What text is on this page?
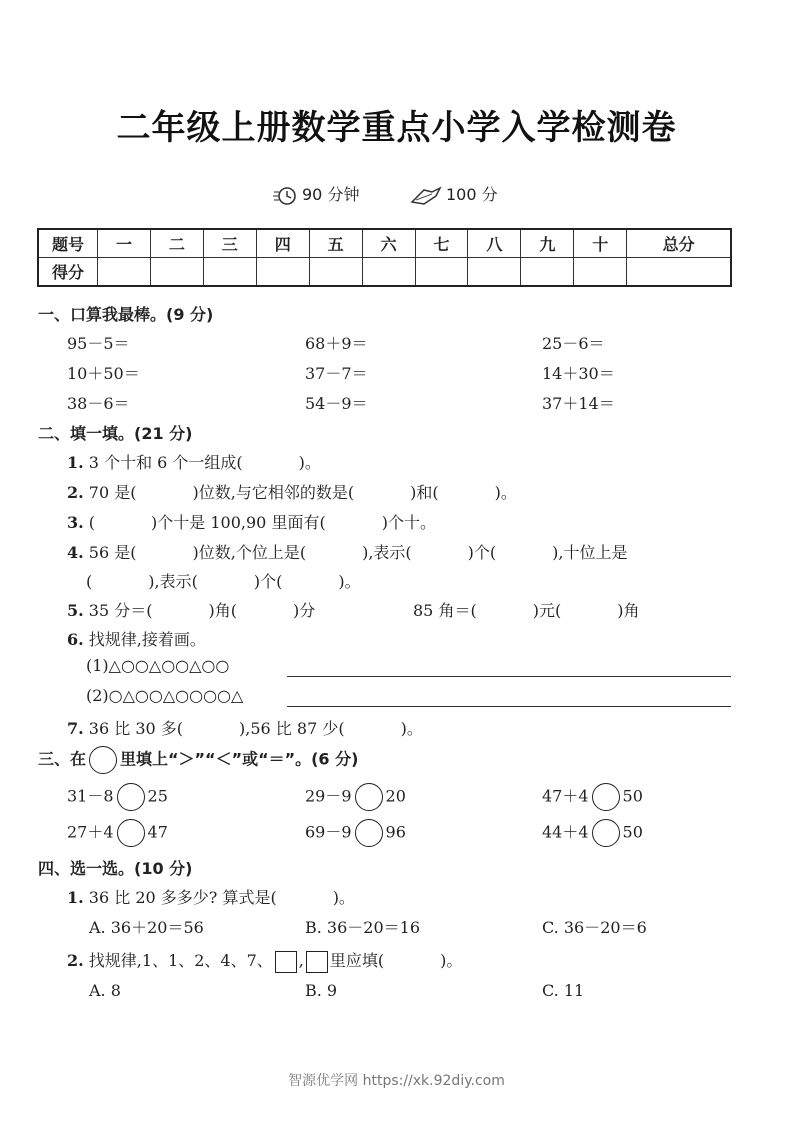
二年级上册数学重点小学入学检测卷
90 分钟	100 分
题号	一	二	三	四	五	六	七	八	九	十	总分
得分											
一、口算我最棒。(9 分)
95－5＝	68＋9＝	25－6＝
10＋50＝	37－7＝	14＋30＝
38－6＝	54－9＝	37＋14＝
二、填一填。(21 分)
1. 3 个十和 6 个一组成(	)。
2. 70 是(	)位数,与它相邻的数是(	)和(	)。
3. (	)个十是 100,90 里面有(	)个十。
4. 56 是(	)位数,个位上是(	),表示(	)个(	),十位上是
(	),表示(	)个(	)。
5. 35 分＝(	)角(	)分	85 角＝(	)元(	)角
6. 找规律,接着画。
(1)△○○△○○△○○
(2)○△○○△○○○○△
7. 36 比 30 多(	),56 比 87 少(	)。
三、在 里填上“＞”“＜”或“＝”。(6 分)
31－8 25	29－9 20	47＋4 50
27＋4 47	69－9 96	44＋4 50
四、选一选。(10 分)
1. 36 比 20 多多少? 算式是(	)。
A. 36＋20＝56	B. 36－20＝16	C. 36－20＝6
2. 找规律,1、1、2、4、7、 , 里应填(	)。
A. 8	B. 9	C. 11
智源优学网 https://xk.92diy.com
